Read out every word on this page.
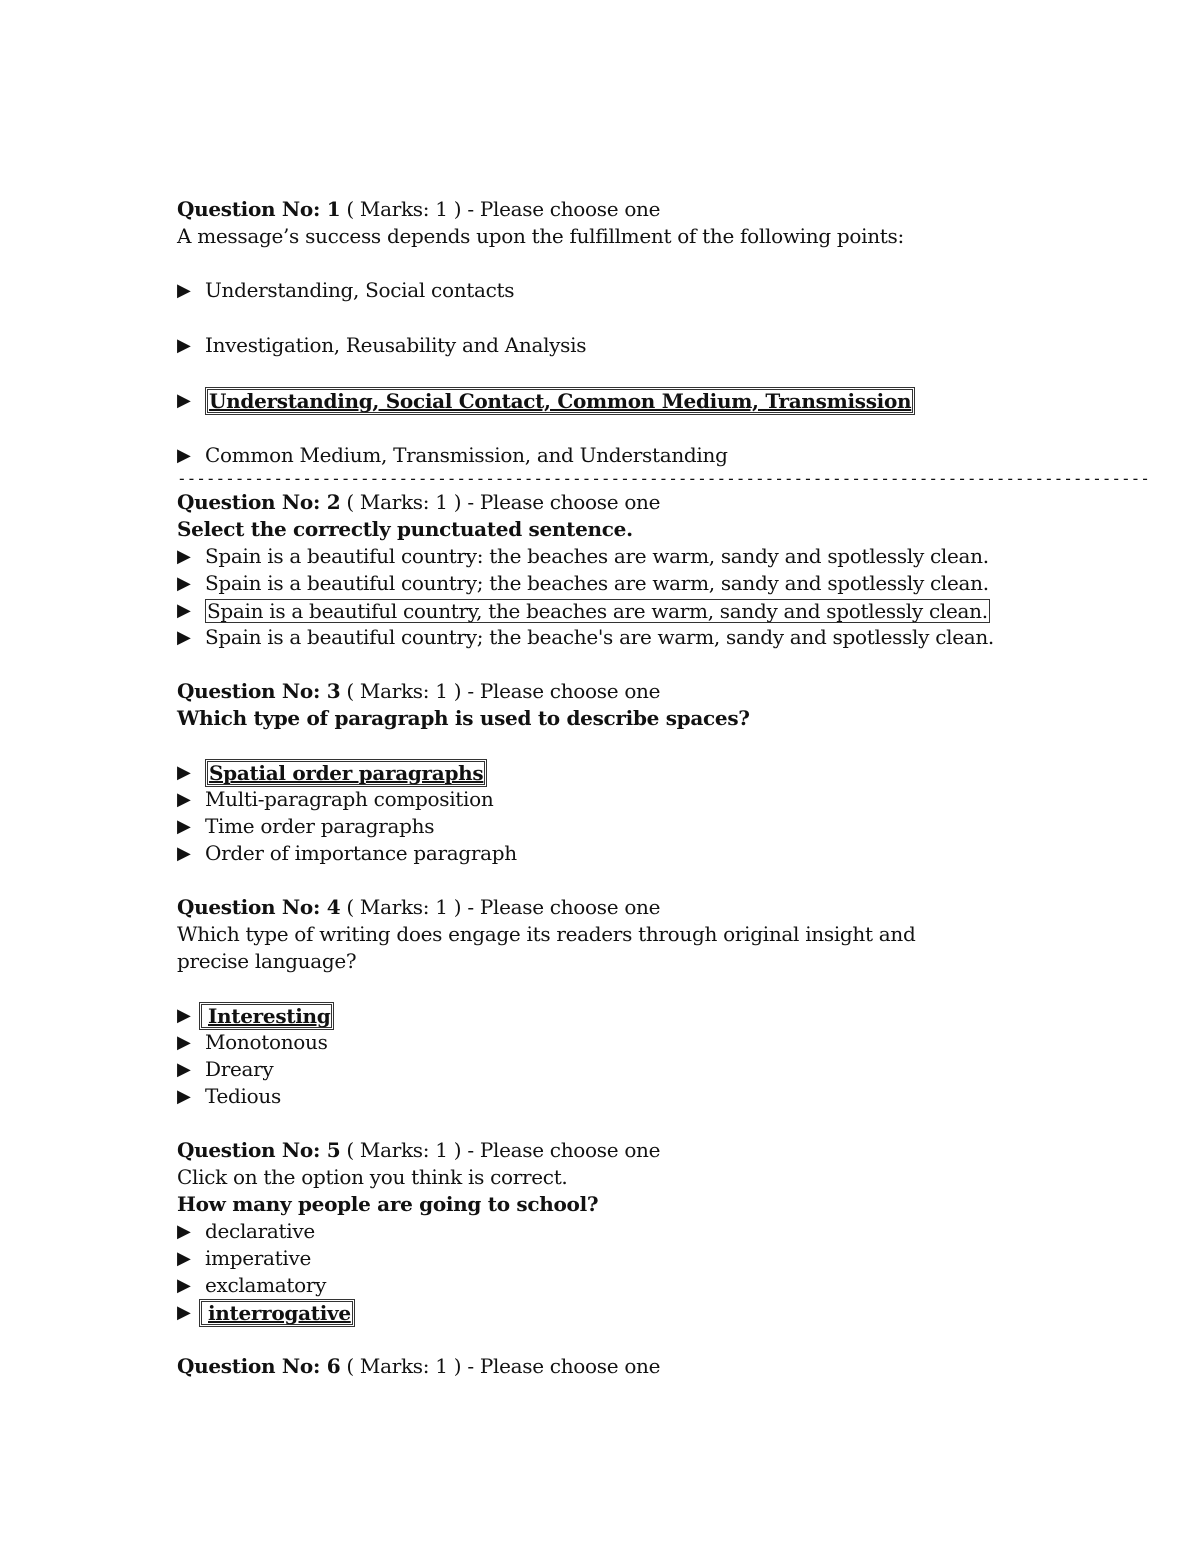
Question No: 1 ( Marks: 1 ) - Please choose one
A message’s success depends upon the fulfillment of the following points:
▶ Understanding, Social contacts
▶ Investigation, Reusability and Analysis
▶ Understanding, Social Contact, Common Medium, Transmission
▶ Common Medium, Transmission, and Understanding
-----------------------------------------------------------------------------------------------------
Question No: 2 ( Marks: 1 ) - Please choose one
Select the correctly punctuated sentence.
▶ Spain is a beautiful country: the beaches are warm, sandy and spotlessly clean.
▶ Spain is a beautiful country; the beaches are warm, sandy and spotlessly clean.
▶ Spain is a beautiful country, the beaches are warm, sandy and spotlessly clean.
▶ Spain is a beautiful country; the beache's are warm, sandy and spotlessly clean.
Question No: 3 ( Marks: 1 ) - Please choose one
Which type of paragraph is used to describe spaces?
▶ Spatial order paragraphs
▶ Multi-paragraph composition
▶ Time order paragraphs
▶ Order of importance paragraph
Question No: 4 ( Marks: 1 ) - Please choose one
Which type of writing does engage its readers through original insight and precise language?
▶ Interesting
▶ Monotonous
▶ Dreary
▶ Tedious
Question No: 5 ( Marks: 1 ) - Please choose one
Click on the option you think is correct.
How many people are going to school?
▶ declarative
▶ imperative
▶ exclamatory
▶ interrogative
Question No: 6 ( Marks: 1 ) - Please choose one
